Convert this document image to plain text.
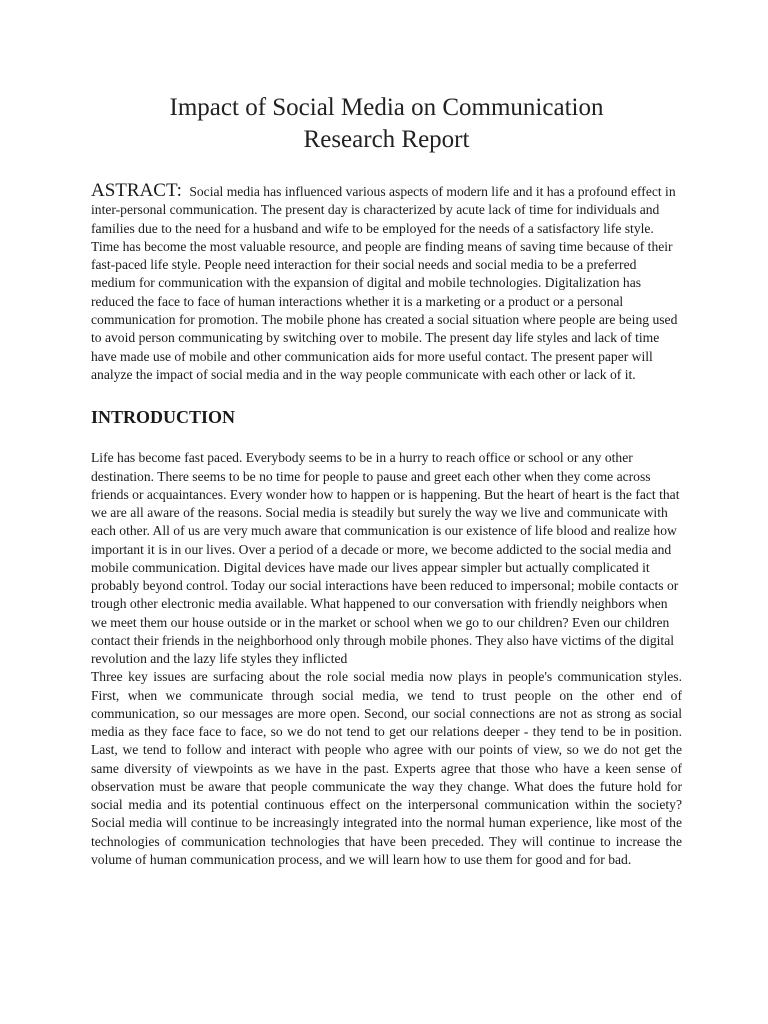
Impact of Social Media on Communication
Research Report

ASTRACT: Social media has influenced various aspects of modern life and it has a profound effect in inter-personal communication. The present day is characterized by acute lack of time for individuals and families due to the need for a husband and wife to be employed for the needs of a satisfactory life style. Time has become the most valuable resource, and people are finding means of saving time because of their fast-paced life style. People need interaction for their social needs and social media to be a preferred medium for communication with the expansion of digital and mobile technologies. Digitalization has reduced the face to face of human interactions whether it is a marketing or a product or a personal communication for promotion. The mobile phone has created a social situation where people are being used to avoid person communicating by switching over to mobile. The present day life styles and lack of time have made use of mobile and other communication aids for more useful contact. The present paper will analyze the impact of social media and in the way people communicate with each other or lack of it.

INTRODUCTION

Life has become fast paced. Everybody seems to be in a hurry to reach office or school or any other destination. There seems to be no time for people to pause and greet each other when they come across friends or acquaintances. Every wonder how to happen or is happening. But the heart of heart is the fact that we are all aware of the reasons. Social media is steadily but surely the way we live and communicate with each other. All of us are very much aware that communication is our existence of life blood and realize how important it is in our lives. Over a period of a decade or more, we become addicted to the social media and mobile communication. Digital devices have made our lives appear simpler but actually complicated it probably beyond control. Today our social interactions have been reduced to impersonal; mobile contacts or trough other electronic media available. What happened to our conversation with friendly neighbors when we meet them our house outside or in the market or school when we go to our children? Even our children contact their friends in the neighborhood only through mobile phones. They also have victims of the digital revolution and the lazy life styles they inflicted

Three key issues are surfacing about the role social media now plays in people's communication styles. First, when we communicate through social media, we tend to trust people on the other end of communication, so our messages are more open. Second, our social connections are not as strong as social media as they face face to face, so we do not tend to get our relations deeper - they tend to be in position. Last, we tend to follow and interact with people who agree with our points of view, so we do not get the same diversity of viewpoints as we have in the past. Experts agree that those who have a keen sense of observation must be aware that people communicate the way they change. What does the future hold for social media and its potential continuous effect on the interpersonal communication within the society? Social media will continue to be increasingly integrated into the normal human experience, like most of the technologies of communication technologies that have been preceded. They will continue to increase the volume of human communication process, and we will learn how to use them for good and for bad.
